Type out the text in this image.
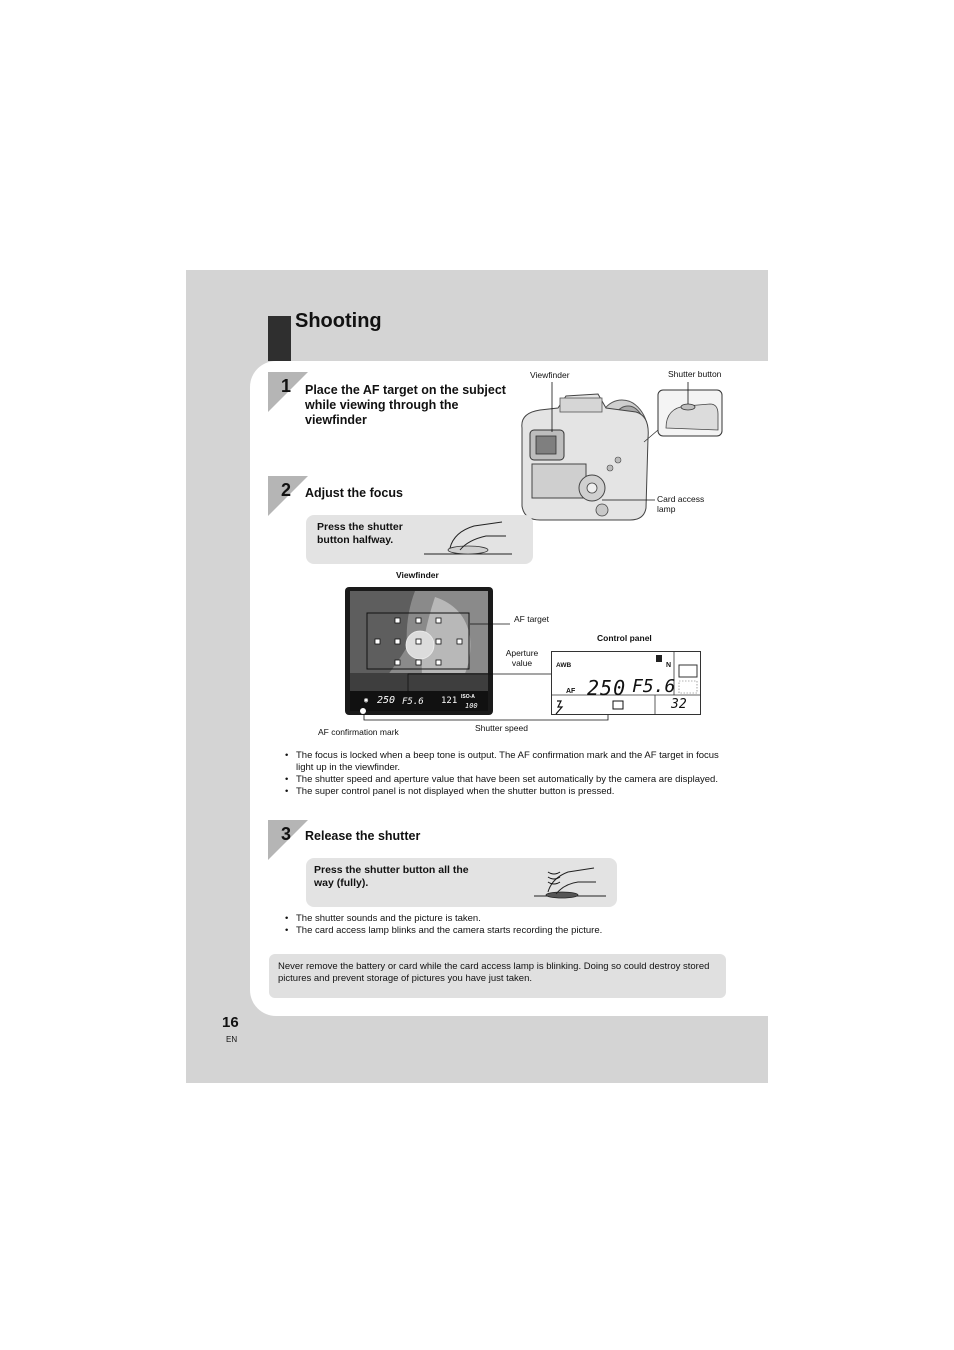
Shooting
1 Place the AF target on the subject while viewing through the viewfinder
Viewfinder	Shutter button
Card access lamp
2 Adjust the focus
Press the shutter button halfway.
Viewfinder
◉ 250 F5.6 121 ISO-A
100
AF target
Aperture value
Shutter speed
AF confirmation mark
Control panel
AWB
AF
N
250 F5.6
32
• The focus is locked when a beep tone is output. The AF confirmation mark and the AF target in focus light up in the viewfinder.
• The shutter speed and aperture value that have been set automatically by the camera are displayed.
• The super control panel is not displayed when the shutter button is pressed.
3 Release the shutter
Press the shutter button all the way (fully).
• The shutter sounds and the picture is taken.
• The card access lamp blinks and the camera starts recording the picture.
Never remove the battery or card while the card access lamp is blinking. Doing so could destroy stored pictures and prevent storage of pictures you have just taken.
16
EN
